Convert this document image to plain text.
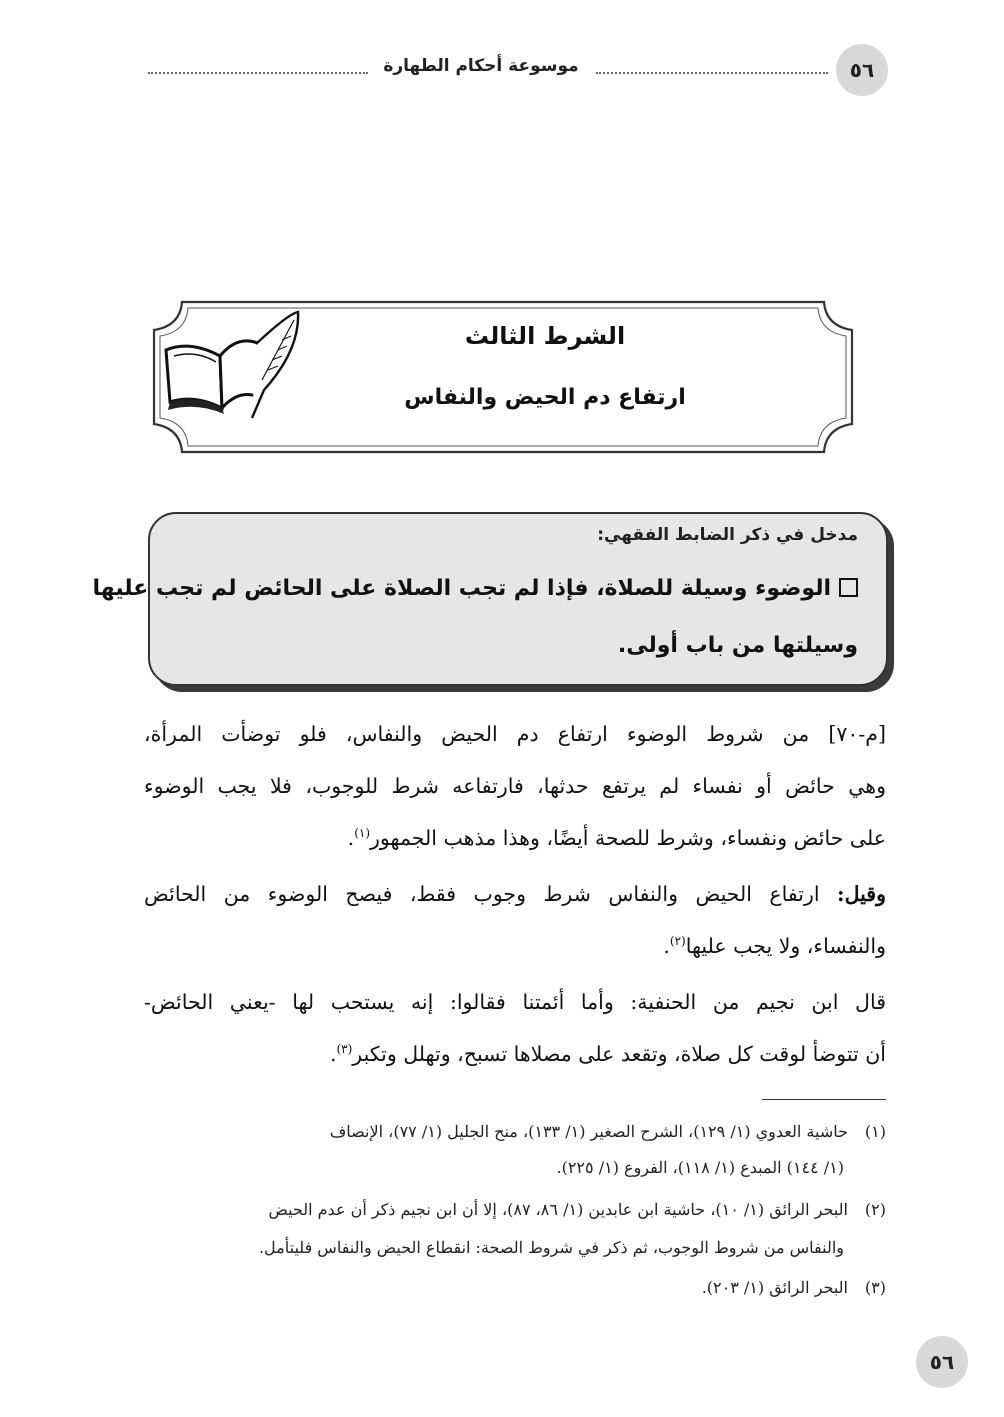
٥٦
موسوعة أحكام الطهارة
الشرط الثالث
ارتفاع دم الحيض والنفاس
مدخل في ذكر الضابط الفقهي:
الوضوء وسيلة للصلاة، فإذا لم تجب الصلاة على الحائض لم تجب عليها
وسيلتها من باب أولى.
[م-٧٠] من شروط الوضوء ارتفاع دم الحيض والنفاس، فلو توضأت المرأة،
وهي حائض أو نفساء لم يرتفع حدثها، فارتفاعه شرط للوجوب، فلا يجب الوضوء
على حائض ونفساء، وشرط للصحة أيضًا، وهذا مذهب الجمهور$^{(١)}$.
وقيل: ارتفاع الحيض والنفاس شرط وجوب فقط، فيصح الوضوء من الحائض
والنفساء، ولا يجب عليها$^{(٢)}$.
قال ابن نجيم من الحنفية: وأما أئمتنا فقالوا: إنه يستحب لها -يعني الحائض-
أن تتوضأ لوقت كل صلاة، وتقعد على مصلاها تسبح، وتهلل وتكبر$^{(٣)}$.
(١)حاشية العدوي (١/ ١٢٩)، الشرح الصغير (١/ ١٣٣)، منح الجليل (١/ ٧٧)، الإنصاف
(١/ ١٤٤) المبدع (١/ ١١٨)، الفروع (١/ ٢٢٥).
(٢)البحر الرائق (١/ ١٠)، حاشية ابن عابدين (١/ ٨٦، ٨٧)، إلا أن ابن نجيم ذكر أن عدم الحيض
والنفاس من شروط الوجوب، ثم ذكر في شروط الصحة: انقطاع الحيض والنفاس فليتأمل.
(٣)البحر الرائق (١/ ٢٠٣).
٥٦
